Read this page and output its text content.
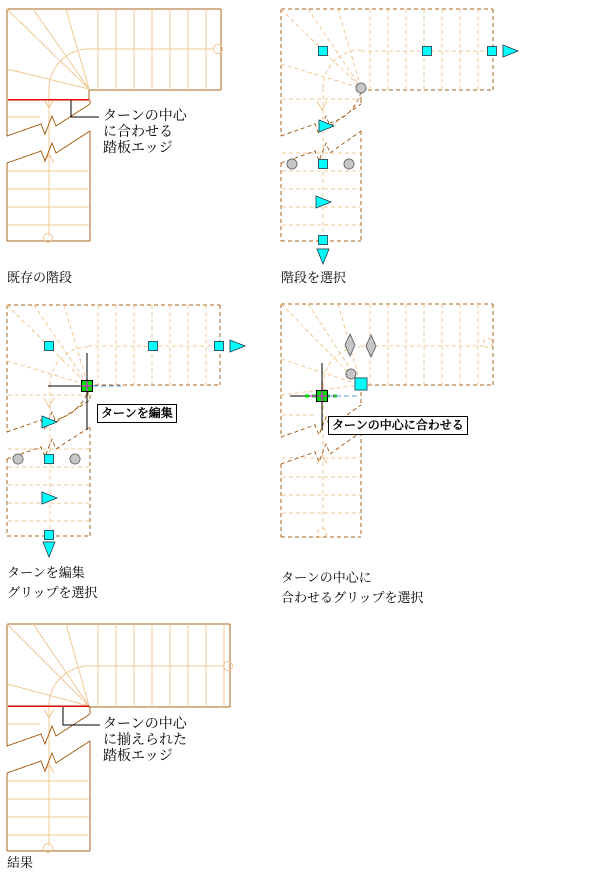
既存の階段
ターンの中心
に合わせる
踏板エッジ
階段を選択
ターンを編集
グリップを選択
ターンを編集
ターンの中心に
合わせるグリップを選択
ターンの中心に合わせる
結果
ターンの中心
に揃えられた
踏板エッジ
